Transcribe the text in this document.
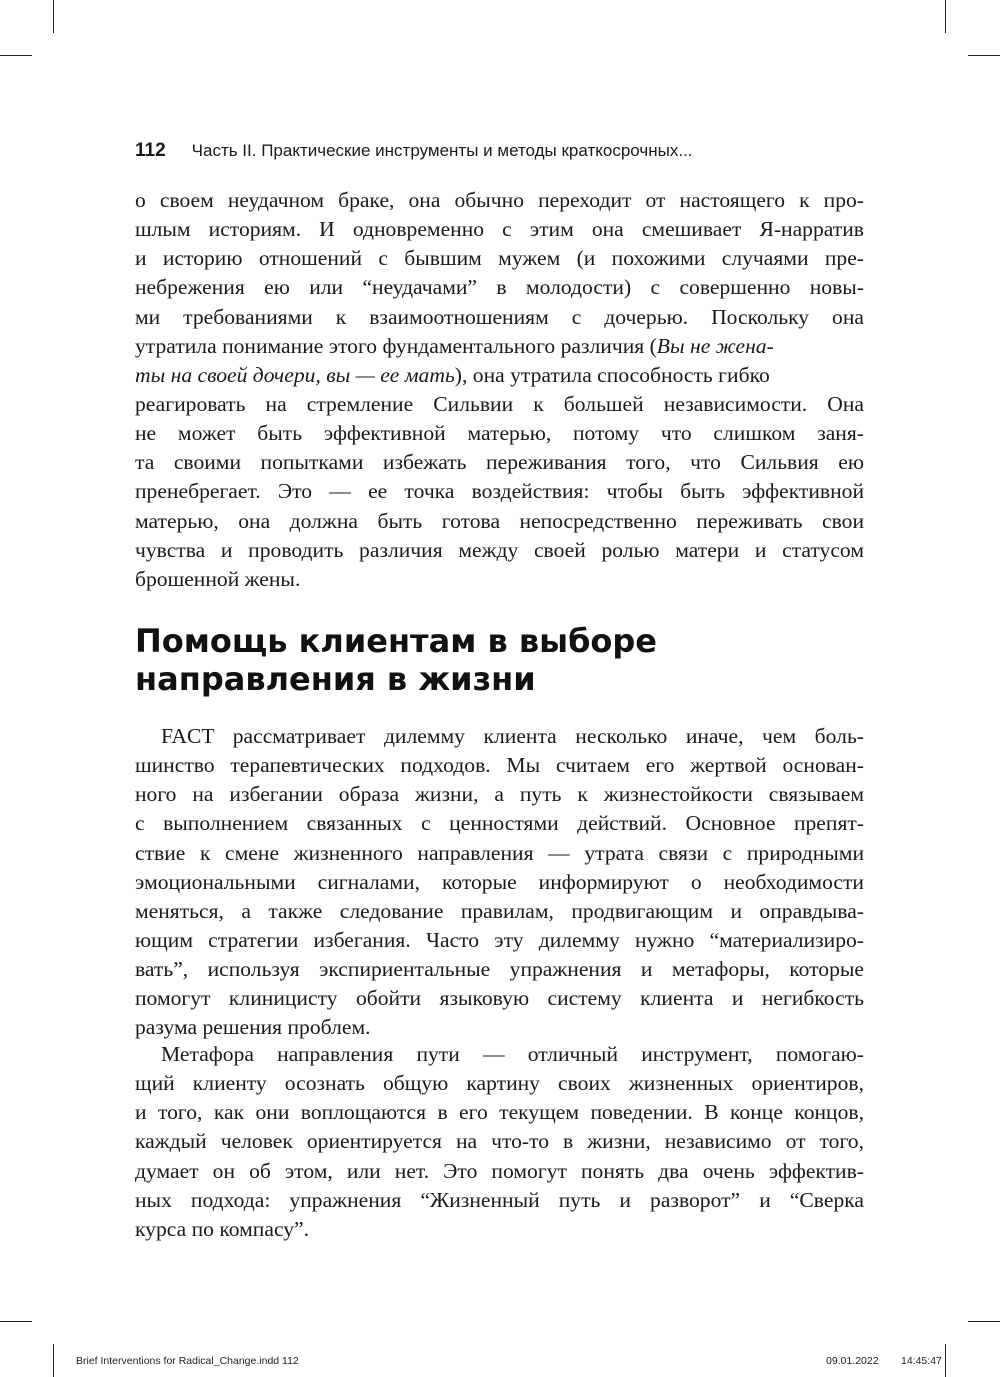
112 Часть II. Практические инструменты и методы краткосрочных...
о своем неудачном браке, она обычно переходит от настоящего к про-
шлым историям. И одновременно с этим она смешивает Я-нарратив
и историю отношений с бывшим мужем (и похожими случаями пре-
небрежения ею или “неудачами” в молодости) с совершенно новы-
ми требованиями к взаимоотношениям с дочерью. Поскольку она
утратила понимание этого фундаментального различия (Вы не жена-
ты на своей дочери, вы — ее мать), она утратила способность гибко
реагировать на стремление Сильвии к большей независимости. Она
не может быть эффективной матерью, потому что слишком заня-
та своими попытками избежать переживания того, что Сильвия ею
пренебрегает. Это — ее точка воздействия: чтобы быть эффективной
матерью, она должна быть готова непосредственно переживать свои
чувства и проводить различия между своей ролью матери и статусом
брошенной жены.
Помощь клиентам в выборе
направления в жизни
FACT рассматривает дилемму клиента несколько иначе, чем боль-
шинство терапевтических подходов. Мы считаем его жертвой основан-
ного на избегании образа жизни, а путь к жизнестойкости связываем
с выполнением связанных с ценностями действий. Основное препят-
ствие к смене жизненного направления — утрата связи с природными
эмоциональными сигналами, которые информируют о необходимости
меняться, а также следование правилам, продвигающим и оправдыва-
ющим стратегии избегания. Часто эту дилемму нужно “материализиро-
вать”, используя экспириентальные упражнения и метафоры, которые
помогут клиницисту обойти языковую систему клиента и негибкость
разума решения проблем.
Метафора направления пути — отличный инструмент, помогаю-
щий клиенту осознать общую картину своих жизненных ориентиров,
и того, как они воплощаются в его текущем поведении. В конце концов,
каждый человек ориентируется на что-то в жизни, независимо от того,
думает он об этом, или нет. Это помогут понять два очень эффектив-
ных подхода: упражнения “Жизненный путь и разворот” и “Сверка
курса по компасу”.
Brief Interventions for Radical_Change.indd 112	09.01.2022 14:45:47
